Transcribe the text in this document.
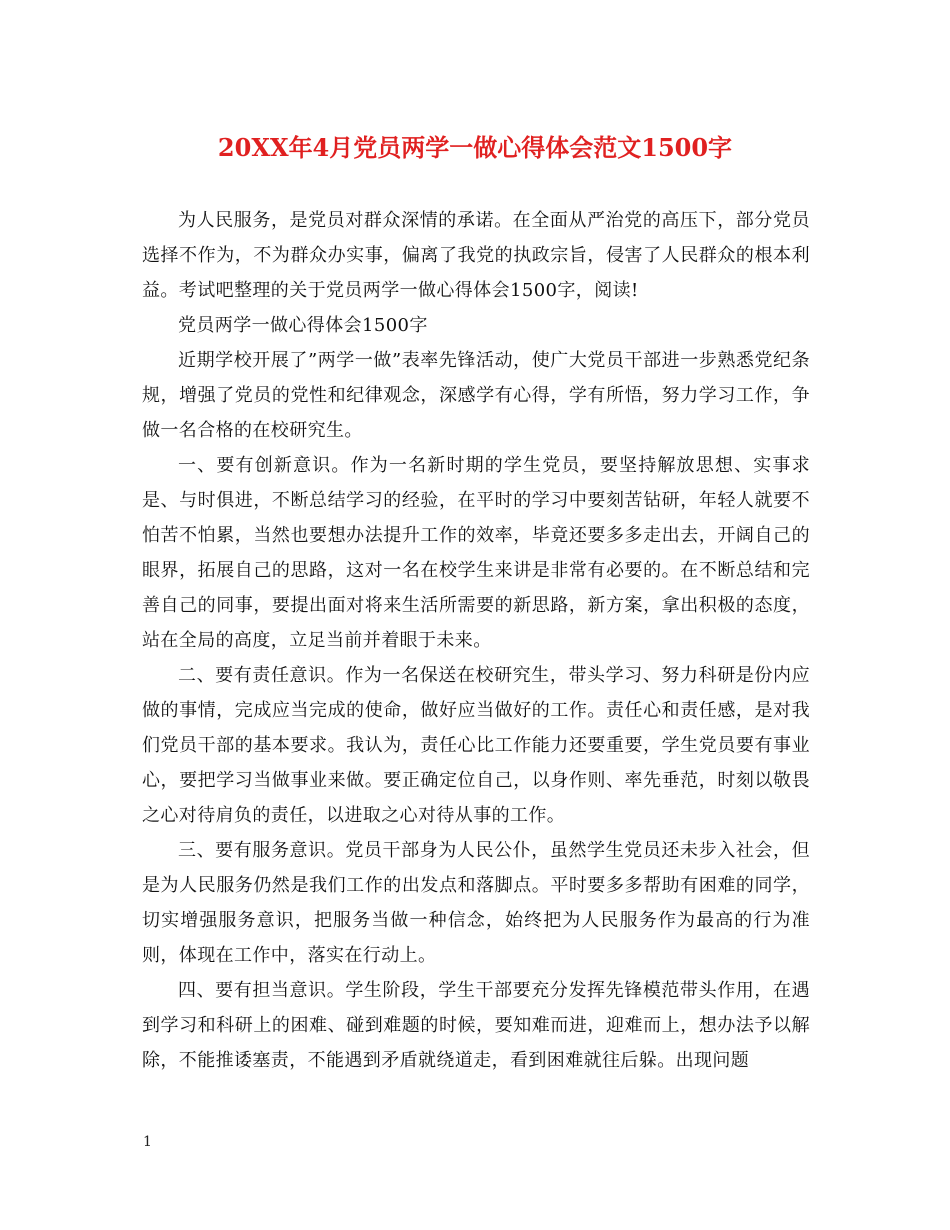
20XX年4月党员两学一做心得体会范文1500字

为人民服务，是党员对群众深情的承诺。在全面从严治党的高压下，部分党员选择不作为，不为群众办实事，偏离了我党的执政宗旨，侵害了人民群众的根本利益。考试吧整理的关于党员两学一做心得体会1500字，阅读!

党员两学一做心得体会1500字

近期学校开展了”两学一做”表率先锋活动，使广大党员干部进一步熟悉党纪条规，增强了党员的党性和纪律观念，深感学有心得，学有所悟，努力学习工作，争做一名合格的在校研究生。

一、要有创新意识。作为一名新时期的学生党员，要坚持解放思想、实事求是、与时俱进，不断总结学习的经验，在平时的学习中要刻苦钻研，年轻人就要不怕苦不怕累，当然也要想办法提升工作的效率，毕竟还要多多走出去，开阔自己的眼界，拓展自己的思路，这对一名在校学生来讲是非常有必要的。在不断总结和完善自己的同事，要提出面对将来生活所需要的新思路，新方案，拿出积极的态度，站在全局的高度，立足当前并着眼于未来。

二、要有责任意识。作为一名保送在校研究生，带头学习、努力科研是份内应做的事情，完成应当完成的使命，做好应当做好的工作。责任心和责任感，是对我们党员干部的基本要求。我认为，责任心比工作能力还要重要，学生党员要有事业心，要把学习当做事业来做。要正确定位自己，以身作则、率先垂范，时刻以敬畏之心对待肩负的责任，以进取之心对待从事的工作。

三、要有服务意识。党员干部身为人民公仆，虽然学生党员还未步入社会，但是为人民服务仍然是我们工作的出发点和落脚点。平时要多多帮助有困难的同学，切实增强服务意识，把服务当做一种信念，始终把为人民服务作为最高的行为准则，体现在工作中，落实在行动上。

四、要有担当意识。学生阶段，学生干部要充分发挥先锋模范带头作用，在遇到学习和科研上的困难、碰到难题的时候，要知难而进，迎难而上，想办法予以解除，不能推诿塞责，不能遇到矛盾就绕道走，看到困难就往后躲。出现问题

1
